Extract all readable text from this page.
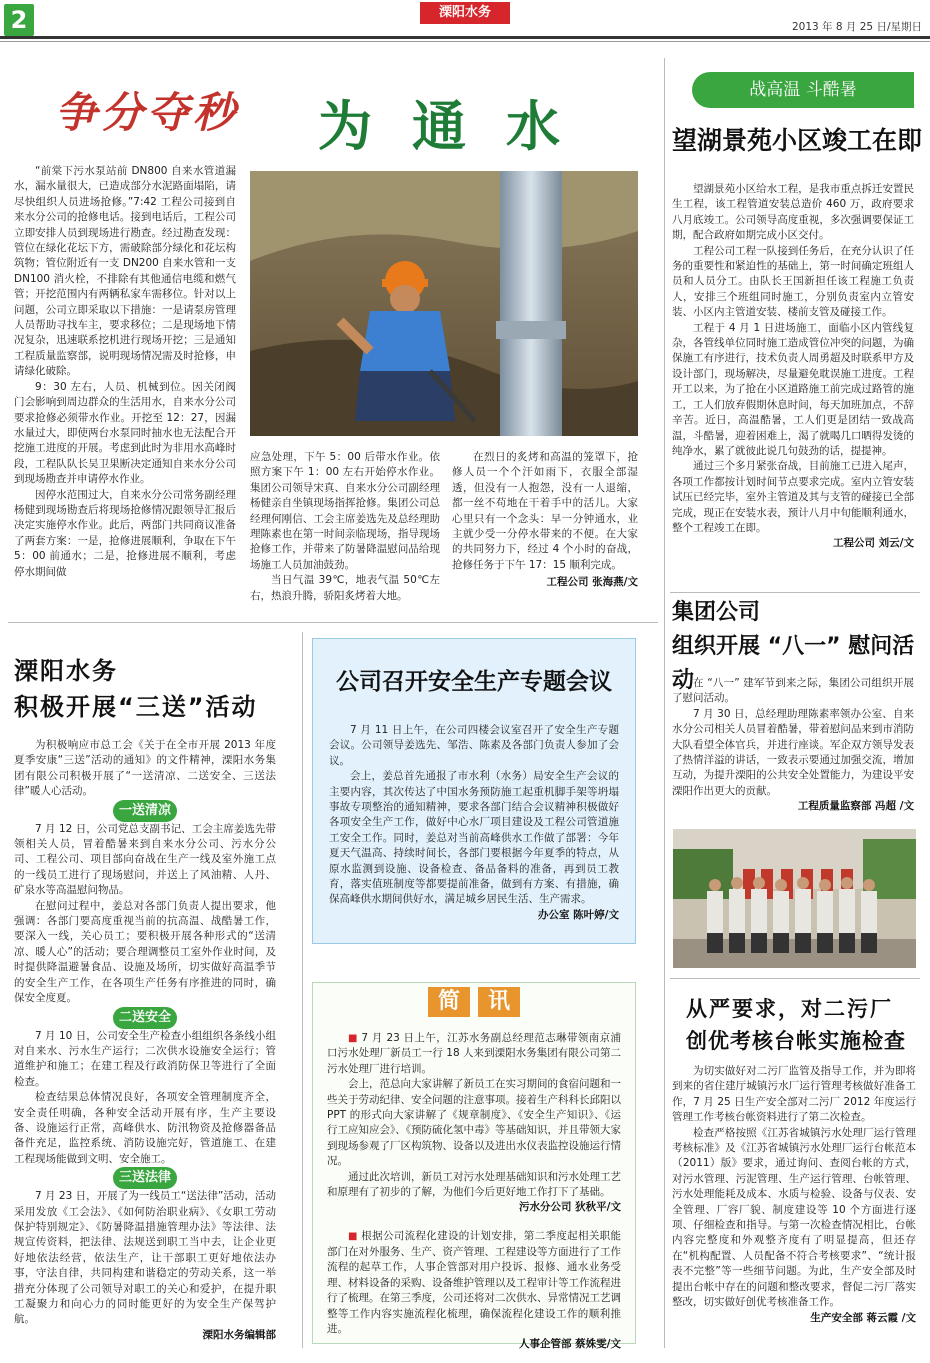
2	溧阳水务
2013 年 8 月 25 日/星期日
争分夺秒 为通水

“前棠下污水泵站前 DN800 自来水管道漏水，漏水量很大，已造成部分水泥路面塌陷，请尽快组织人员进场抢修。”7:42 工程公司接到自来水分公司的抢修电话。接到电话后，工程公司立即安排人员到现场进行勘查。经过勘查发现：管位在绿化花坛下方，需破除部分绿化和花坛构筑物；管位附近有一支 DN200 自来水管和一支 DN100 消火栓，不排除有其他通信电缆和燃气管；开挖范围内有两辆私家车需移位。针对以上问题，公司立即采取以下措施：一是请泵房管理人员帮助寻找车主，要求移位；二是现场地下情况复杂，迅速联系挖机进行现场开挖；三是通知工程质量监察部，说明现场情况需及时抢修，申请绿化破除。

9：30 左右，人员、机械到位。因关闭阀门会影响到周边群众的生活用水，自来水分公司要求抢修必须带水作业。开挖至 12：27，因漏水量过大，即使两台水泵同时抽水也无法配合开挖施工进度的开展。考虑到此时为非用水高峰时段，工程队队长吴卫果断决定通知自来水分公司到现场勘查并申请停水作业。

因停水范围过大，自来水分公司常务副经理杨健到现场勘查后将现场抢修情况跟领导汇报后决定实施停水作业。此后，两部门共同商议准备了两套方案：一是，抢修进展顺利，争取在下午 5：00 前通水；二是，抢修进展不顺利，考虑停水期间做

应急处理，下午 5：00 后带水作业。依照方案下午 1：00 左右开始停水作业。集团公司领导宋真、自来水分公司副经理杨健亲自坐镇现场指挥抢修。集团公司总经理何刚信、工会主席姜选先及总经理助理陈素也在第一时间亲临现场，指导现场抢修工作，并带来了防暑降温慰问品给现场施工人员加油鼓劲。

当日气温 39℃，地表气温 50℃左右，热浪升腾，骄阳炙烤着大地。

在烈日的炙烤和高温的笼罩下，抢修人员一个个汗如雨下，衣服全部湿透，但没有一人抱怨，没有一人退缩，都一丝不苟地在干着手中的活儿。大家心里只有一个念头：早一分钟通水，业主就少受一分停水带来的不便。在大家的共同努力下，经过 4 个小时的奋战，抢修任务于下午 17：15 顺利完成。

工程公司 张海燕/文
战高温 斗酷暑
望湖景苑小区竣工在即

望湖景苑小区给水工程，是我市重点拆迁安置民生工程，该工程管道安装总造价 460 万，政府要求八月底竣工。公司领导高度重视，多次强调要保证工期，配合政府如期完成小区交付。

工程公司工程一队接到任务后，在充分认识了任务的重要性和紧迫性的基础上，第一时间确定班组人员和人员分工。由队长王国新担任该工程施工负责人，安排三个班组同时施工，分别负责室内立管安装、小区内主管道安装、楼前支管及碰接工作。

工程于 4 月 1 日进场施工，面临小区内管线复杂，各管线单位同时施工造成管位冲突的问题，为确保施工有序进行，技术负责人周勇超及时联系甲方及设计部门，现场解决，尽量避免耽误施工进度。工程开工以来，为了抢在小区道路施工前完成过路管的施工，工人们放弃假期休息时间，每天加班加点，不辞辛苦。近日，高温酷暑，工人们更是团结一致战高温，斗酷暑，迎着困难上，渴了就喝几口晒得发烫的纯净水，累了就彼此说几句鼓劲的话，提提神。

通过三个多月紧张奋战，目前施工已进入尾声，各项工作都按计划时间节点要求完成。室内立管安装试压已经完毕，室外主管道及其与支管的碰接已全部完成，现正在安装水表，预计八月中旬能顺利通水，整个工程竣工在即。

工程公司 刘云/文
集团公司
组织开展 “八一” 慰问活动

在 “八一” 建军节到来之际，集团公司组织开展了慰问活动。

7 月 30 日，总经理助理陈素率领办公室、自来水分公司相关人员冒着酷暑，带着慰问品来到市消防大队看望全体官兵，并进行座谈。军企双方领导发表了热情洋溢的讲话，一致表示要通过加强交流，增加互动，为提升溧阳的公共安全处置能力，为建设平安溧阳作出更大的贡献。

工程质量监察部 冯超 /文
从严要求，对二污厂
创优考核台帐实施检查

为切实做好对二污厂监管及指导工作，并为即将到来的省住建厅城镇污水厂运行管理考核做好准备工作，7 月 25 日生产安全部对二污厂 2012 年度运行管理工作考核台帐资料进行了第二次检查。

检查严格按照《江苏省城镇污水处理厂运行管理考核标准》及《江苏省城镇污水处理厂运行台帐范本（2011）版》要求，通过询问、查阅台帐的方式，对污水管理、污泥管理、生产运行管理、台帐管理、污水处理能耗及成本、水质与检验、设备与仪表、安全管理、厂容厂貌、制度建设等 10 个方面进行逐项、仔细检查和指导。与第一次检查情况相比，台帐内容完整度和外观整齐度有了明显提高，但还存在“机构配置、人员配备不符合考核要求”、“统计报表不完整”等一些细节问题。为此，生产安全部及时提出台帐中存在的问题和整改要求，督促二污厂落实整改，切实做好创优考核准备工作。

生产安全部 蒋云霞 /文
溧阳水务
积极开展“三送”活动

为积极响应市总工会《关于在全市开展 2013 年度夏季安康“三送”活动的通知》的文件精神，溧阳水务集团有限公司积极开展了“一送清凉、二送安全、三送法律”暖人心活动。

一送清凉

7 月 12 日，公司党总支副书记、工会主席姜选先带领相关人员，冒着酷暑来到自来水分公司、污水分公司、工程公司、项目部向奋战在生产一线及室外施工点的一线员工进行了现场慰问，并送上了风油精、人丹、矿泉水等高温慰问物品。

在慰问过程中，姜总对各部门负责人提出要求，他强调：各部门要高度重视当前的抗高温、战酷暑工作，要深入一线，关心员工；要积极开展各种形式的“送清凉、暖人心”的活动；要合理调整员工室外作业时间，及时提供降温避暑食品、设施及场所，切实做好高温季节的安全生产工作，在各项生产任务有序推进的同时，确保安全度夏。

二送安全

7 月 10 日，公司安全生产检查小组组织各条线小组对自来水、污水生产运行；二次供水设施安全运行；管道维护和施工；在建工程及行政消防保卫等进行了全面检查。

检查结果总体情况良好，各项安全管理制度齐全，安全责任明确，各种安全活动开展有序，生产主要设备、设施运行正常，高峰供水、防汛物资及抢修器备品备件充足，监控系统、消防设施完好，管道施工、在建工程现场能做到文明、安全施工。

三送法律

7 月 23 日，开展了为一线员工“送法律”活动，活动采用发放《工会法》、《如何防治职业病》、《女职工劳动保护特别规定》、《防暑降温措施管理办法》等法律、法规宣传资料，把法律、法规送到职工当中去，让企业更好地依法经营，依法生产，让干部职工更好地依法办事，守法自律，共同构建和谐稳定的劳动关系，这一举措充分体现了公司领导对职工的关心和爱护，在提升职工凝聚力和向心力的同时能更好的为安全生产保驾护航。

溧阳水务编辑部
公司召开安全生产专题会议

7 月 11 日上午，在公司四楼会议室召开了安全生产专题会议。公司领导姜选先、邹浩、陈素及各部门负责人参加了会议。

会上，姜总首先通报了市水利（水务）局安全生产会议的主要内容，其次传达了中国水务预防施工起重机脚手架等坍塌事故专项整治的通知精神，要求各部门结合会议精神积极做好各项安全生产工作，做好中心水厂项目建设及工程公司管道施工安全工作。同时，姜总对当前高峰供水工作做了部署：今年夏天气温高、持续时间长，各部门要根据今年夏季的特点，从原水监测到设施、设备检查、备品备料的准备，再到员工教育，落实值班制度等都要提前准备，做到有方案、有措施，确保高峰供水期间供好水，满足城乡居民生活、生产需求。

办公室 陈叶婷/文
简 讯

■ 7 月 23 日上午，江苏水务副总经理范志琳带领南京浦口污水处理厂新员工一行 18 人来到溧阳水务集团有限公司第二污水处理厂进行培训。

会上，范总向大家讲解了新员工在实习期间的食宿问题和一些关于劳动纪律、安全问题的注意事项。接着生产科科长邱阳以 PPT 的形式向大家讲解了《规章制度》、《安全生产知识》、《运行工应知应会》、《预防硫化氢中毒》等基础知识，并且带领大家到现场参观了厂区构筑物、设备以及进出水仪表监控设施运行情况。

通过此次培训，新员工对污水处理基础知识和污水处理工艺和原理有了初步的了解，为他们今后更好地工作打下了基础。

污水分公司 狄秋平/文

■ 根据公司流程化建设的计划安排，第二季度起相关职能部门在对外服务、生产、资产管理、工程建设等方面进行了工作流程的起草工作，人事企管部对用户投诉、报修、通水业务受理、材料设备的采购、设备维护管理以及工程审计等工作流程进行了梳理。在第三季度，公司还将对二次供水、异常情况工艺调整等工作内容实施流程化梳理，确保流程化建设工作的顺利推进。

人事企管部 蔡姝雯/文
